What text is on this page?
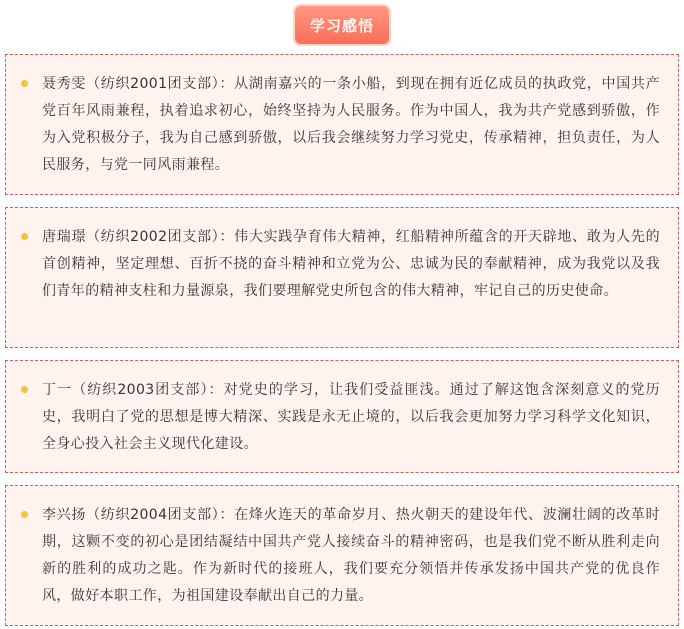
学习感悟

聂秀雯（纺织2001团支部）：从湖南嘉兴的一条小船，到现在拥有近亿成员的执政党，中国共产党百年风雨兼程，执着追求初心，始终坚持为人民服务。作为中国人，我为共产党感到骄傲，作为入党积极分子，我为自己感到骄傲，以后我会继续努力学习党史，传承精神，担负责任，为人民服务，与党一同风雨兼程。

唐瑞璟（纺织2002团支部）：伟大实践孕育伟大精神，红船精神所蕴含的开天辟地、敢为人先的首创精神，坚定理想、百折不挠的奋斗精神和立党为公、忠诚为民的奉献精神，成为我党以及我们青年的精神支柱和力量源泉，我们要理解党史所包含的伟大精神，牢记自己的历史使命。

丁一（纺织2003团支部）：对党史的学习，让我们受益匪浅。通过了解这饱含深刻意义的党历史，我明白了党的思想是博大精深、实践是永无止境的，以后我会更加努力学习科学文化知识，全身心投入社会主义现代化建设。

李兴扬（纺织2004团支部）：在烽火连天的革命岁月、热火朝天的建设年代、波澜壮阔的改革时期，这颗不变的初心是团结凝结中国共产党人接续奋斗的精神密码，也是我们党不断从胜利走向新的胜利的成功之匙。作为新时代的接班人，我们要充分领悟并传承发扬中国共产党的优良作风，做好本职工作，为祖国建设奉献出自己的力量。
